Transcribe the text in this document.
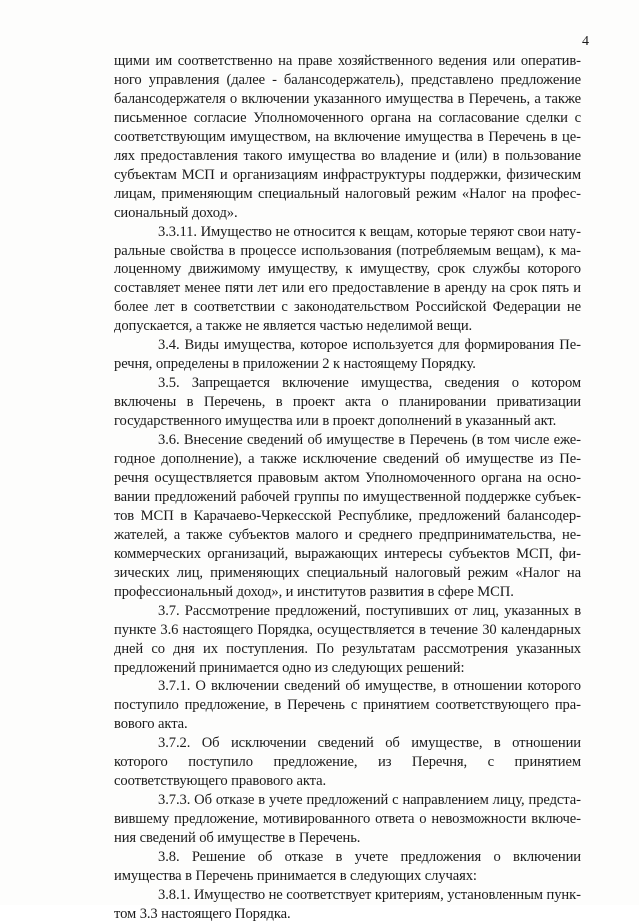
4

щими им соответственно на праве хозяйственного ведения или оперативного управления (далее - балансодержатель), представлено предложение балансодержателя о включении указанного имущества в Перечень, а также письменное согласие Уполномоченного органа на согласование сделки с соответствующим имуществом, на включение имущества в Перечень в целях предоставления такого имущества во владение и (или) в пользование субъектам МСП и организациям инфраструктуры поддержки, физическим лицам, применяющим специальный налоговый режим «Налог на профессиональный доход».

3.3.11. Имущество не относится к вещам, которые теряют свои натуральные свойства в процессе использования (потребляемым вещам), к малоценному движимому имуществу, к имуществу, срок службы которого составляет менее пяти лет или его предоставление в аренду на срок пять и более лет в соответствии с законодательством Российской Федерации не допускается, а также не является частью неделимой вещи.

3.4. Виды имущества, которое используется для формирования Перечня, определены в приложении 2 к настоящему Порядку.

3.5. Запрещается включение имущества, сведения о котором включены в Перечень, в проект акта о планировании приватизации государственного имущества или в проект дополнений в указанный акт.

3.6. Внесение сведений об имуществе в Перечень (в том числе ежегодное дополнение), а также исключение сведений об имуществе из Перечня осуществляется правовым актом Уполномоченного органа на основании предложений рабочей группы по имущественной поддержке субъектов МСП в Карачаево-Черкесской Республике, предложений балансодержателей, а также субъектов малого и среднего предпринимательства, некоммерческих организаций, выражающих интересы субъектов МСП, физических лиц, применяющих специальный налоговый режим «Налог на профессиональный доход», и институтов развития в сфере МСП.

3.7. Рассмотрение предложений, поступивших от лиц, указанных в пункте 3.6 настоящего Порядка, осуществляется в течение 30 календарных дней со дня их поступления. По результатам рассмотрения указанных предложений принимается одно из следующих решений:

3.7.1. О включении сведений об имуществе, в отношении которого поступило предложение, в Перечень с принятием соответствующего правового акта.

3.7.2. Об исключении сведений об имуществе, в отношении которого поступило предложение, из Перечня, с принятием соответствующего правового акта.

3.7.3. Об отказе в учете предложений с направлением лицу, представившему предложение, мотивированного ответа о невозможности включения сведений об имуществе в Перечень.

3.8. Решение об отказе в учете предложения о включении имущества в Перечень принимается в следующих случаях:

3.8.1. Имущество не соответствует критериям, установленным пунктом 3.3 настоящего Порядка.
